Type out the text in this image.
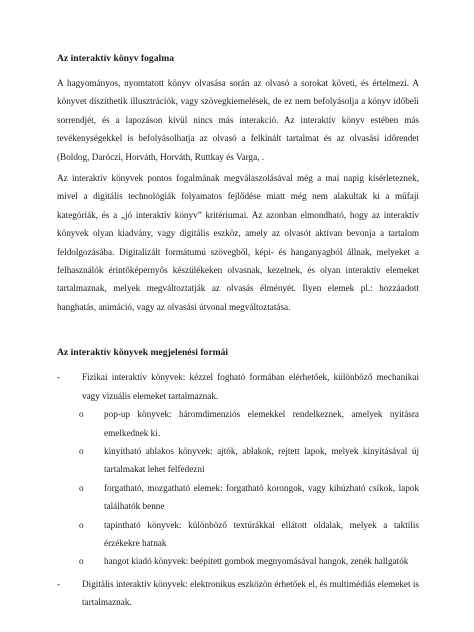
Az interaktív könyv fogalma

A hagyományos, nyomtatott könyv olvasása során az olvasó a sorokat követi, és értelmezi. A könyvet díszíthetik illusztrációk, vagy szövegkiemelések, de ez nem befolyásolja a könyv időbeli sorrendjét, és a lapozáson kívül nincs más interakció. Az interaktív könyv estében más tevékenységekkel is befolyásolhatja az olvasó a felkínált tartalmat és az olvasási időrendet (Boldog, Daróczi, Horváth, Horváth, Ruttkay és Varga, .

Az interaktív könyvek pontos fogalmának megválaszolásával még a mai napig kísérleteznek, mivel a digitális technológiák folyamatos fejlődése miatt még nem alakultak ki a műfaji kategóriák, és a „jó interaktív könyv” kritériumai. Az azonban elmondható, hogy az interaktív könyvek olyan kiadvány, vagy digitális eszköz, amely az olvasót aktívan bevonja a tartalom feldolgozásába. Digitalizált formátumú szövegből, képi- és hanganyagból állnak, melyeket a felhasználók érintőképernyős készülékeken olvasnak, kezelnek, és olyan interaktív elemeket tartalmaznak, melyek megváltoztatják az olvasás élményét. Ilyen elemek pl.: hozzáadott hanghatás, animáció, vagy az olvasási útvonal megváltoztatása.

Az interaktív könyvek megjelenési formái
- Fizikai interaktív könyvek: kézzel fogható formában elérhetőek, különböző mechanikai vagy vizuális elemeket tartalmaznak.

o pop-up könyvek: háromdimenziós elemekkel rendelkeznek, amelyek nyitásra emelkednek ki.

o kinyitható ablakos könyvek: ajtók, ablakok, rejtett lapok, melyek kinyitásával új tartalmakat lehet felfedezni

o forgatható, mozgatható elemek: forgatható korongok, vagy kihúzható csíkok, lapok találhatók benne

o tapintható könyvek: különböző textúrákkal ellátott oldalak, melyek a taktilis érzékekre hatnak

o hangot kiadó könyvek: beépített gombok megnyomásával hangok, zenék hallgatók

- Digitális interaktív könyvek: elektronikus eszközön érhetőek el, és multimédiás elemeket is tartalmaznak.
